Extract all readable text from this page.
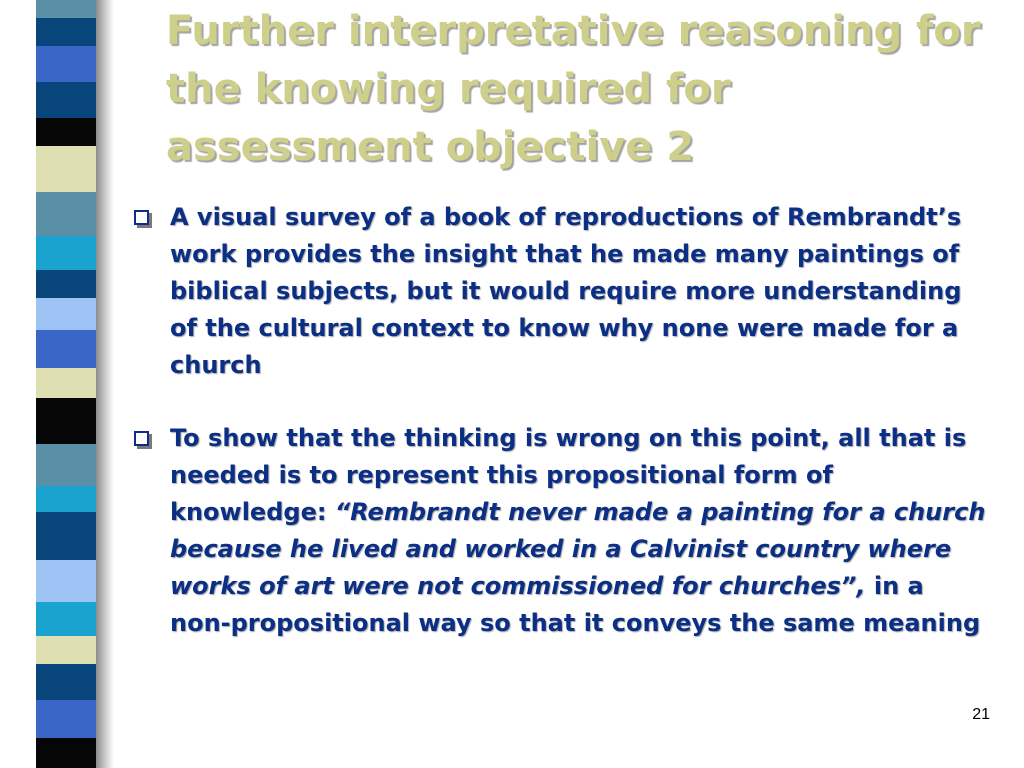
Further interpretative reasoning for the knowing required for assessment objective 2
A visual survey of a book of reproductions of Rembrandt’s work provides the insight that he made many paintings of biblical subjects, but it would require more understanding of the cultural context to know why none were made for a church
To show that the thinking is wrong on this point, all that is needed is to represent this propositional form of knowledge: “Rembrandt never made a painting for a church because he lived and worked in a Calvinist country where works of art were not commissioned for churches”, in a non-propositional way so that it conveys the same meaning
21
